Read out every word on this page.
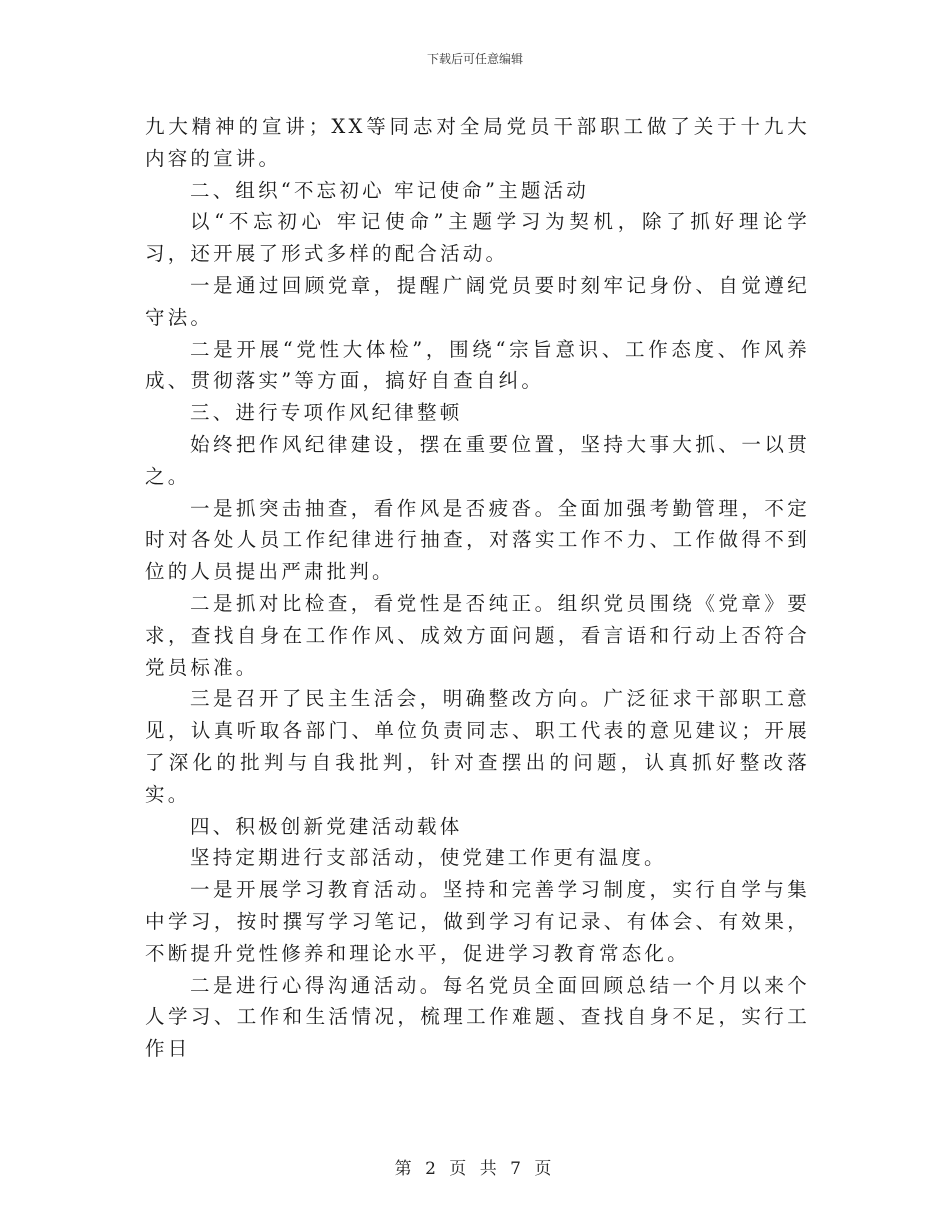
下载后可任意编辑

九大精神的宣讲；XX等同志对全局党员干部职工做了关于十九大内容的宣讲。

二、组织“不忘初心 牢记使命”主题活动

以“不忘初心 牢记使命”主题学习为契机，除了抓好理论学习，还开展了形式多样的配合活动。

一是通过回顾党章，提醒广阔党员要时刻牢记身份、自觉遵纪守法。

二是开展“党性大体检”，围绕“宗旨意识、工作态度、作风养成、贯彻落实”等方面，搞好自查自纠。

三、进行专项作风纪律整顿

始终把作风纪律建设，摆在重要位置，坚持大事大抓、一以贯之。

一是抓突击抽查，看作风是否疲沓。全面加强考勤管理，不定时对各处人员工作纪律进行抽查，对落实工作不力、工作做得不到位的人员提出严肃批判。

二是抓对比检查，看党性是否纯正。组织党员围绕《党章》要求，查找自身在工作作风、成效方面问题，看言语和行动上否符合党员标准。

三是召开了民主生活会，明确整改方向。广泛征求干部职工意见，认真听取各部门、单位负责同志、职工代表的意见建议；开展了深化的批判与自我批判，针对查摆出的问题，认真抓好整改落实。

四、积极创新党建活动载体

坚持定期进行支部活动，使党建工作更有温度。

一是开展学习教育活动。坚持和完善学习制度，实行自学与集中学习，按时撰写学习笔记，做到学习有记录、有体会、有效果，不断提升党性修养和理论水平，促进学习教育常态化。

二是进行心得沟通活动。每名党员全面回顾总结一个月以来个人学习、工作和生活情况，梳理工作难题、查找自身不足，实行工作日

第 2 页 共 7 页
